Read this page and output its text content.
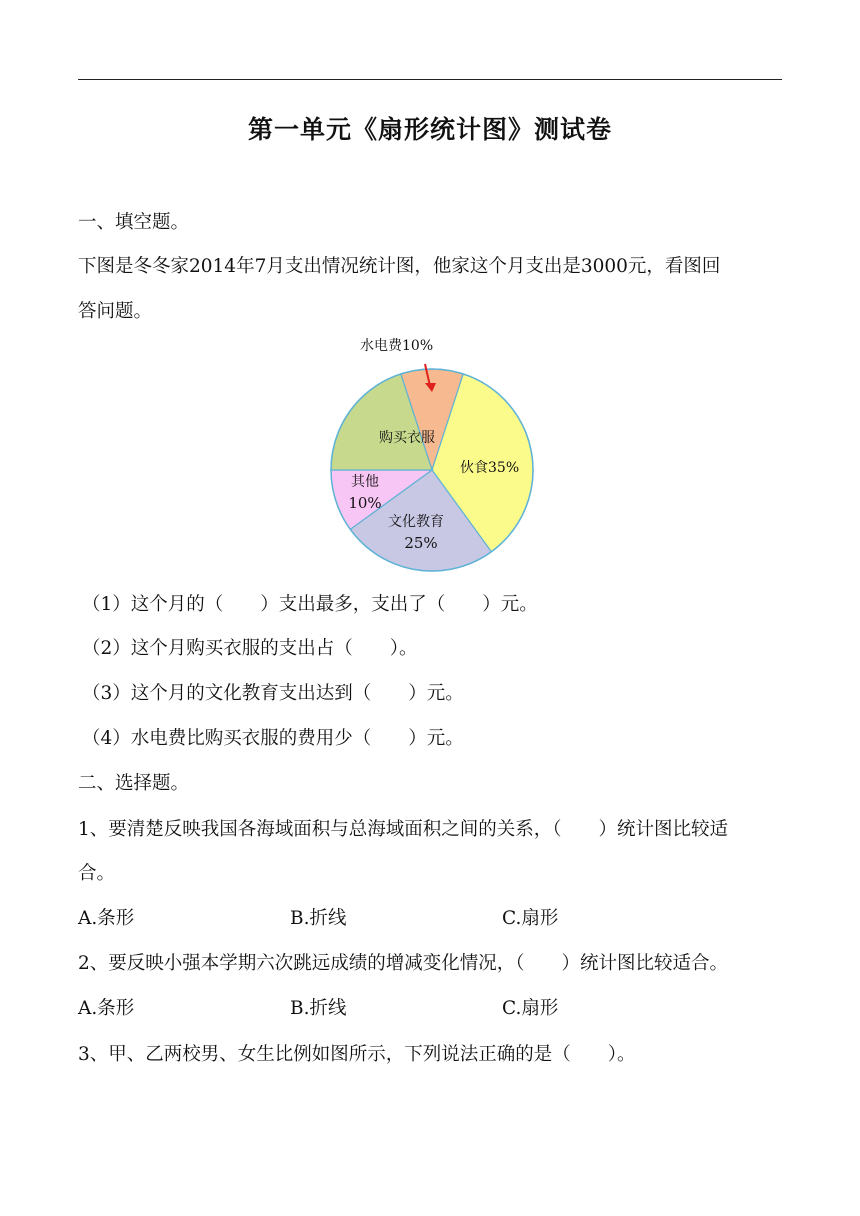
第一单元《扇形统计图》测试卷
一、填空题。
下图是冬冬家2014年7月支出情况统计图，他家这个月支出是3000元，看图回
答问题。
水电费10%
伙食35%
文化教育
25%
其他
10%
购买衣服
（1）这个月的（　　）支出最多，支出了（　　）元。
（2）这个月购买衣服的支出占（　　）。
（3）这个月的文化教育支出达到（　　）元。
（4）水电费比购买衣服的费用少（　　）元。
二、选择题。
1、要清楚反映我国各海域面积与总海域面积之间的关系，（　　）统计图比较适
合。
A.条形	B.折线	C.扇形
2、要反映小强本学期六次跳远成绩的增减变化情况，（　　）统计图比较适合。
A.条形	B.折线	C.扇形
3、甲、乙两校男、女生比例如图所示，下列说法正确的是（　　）。
